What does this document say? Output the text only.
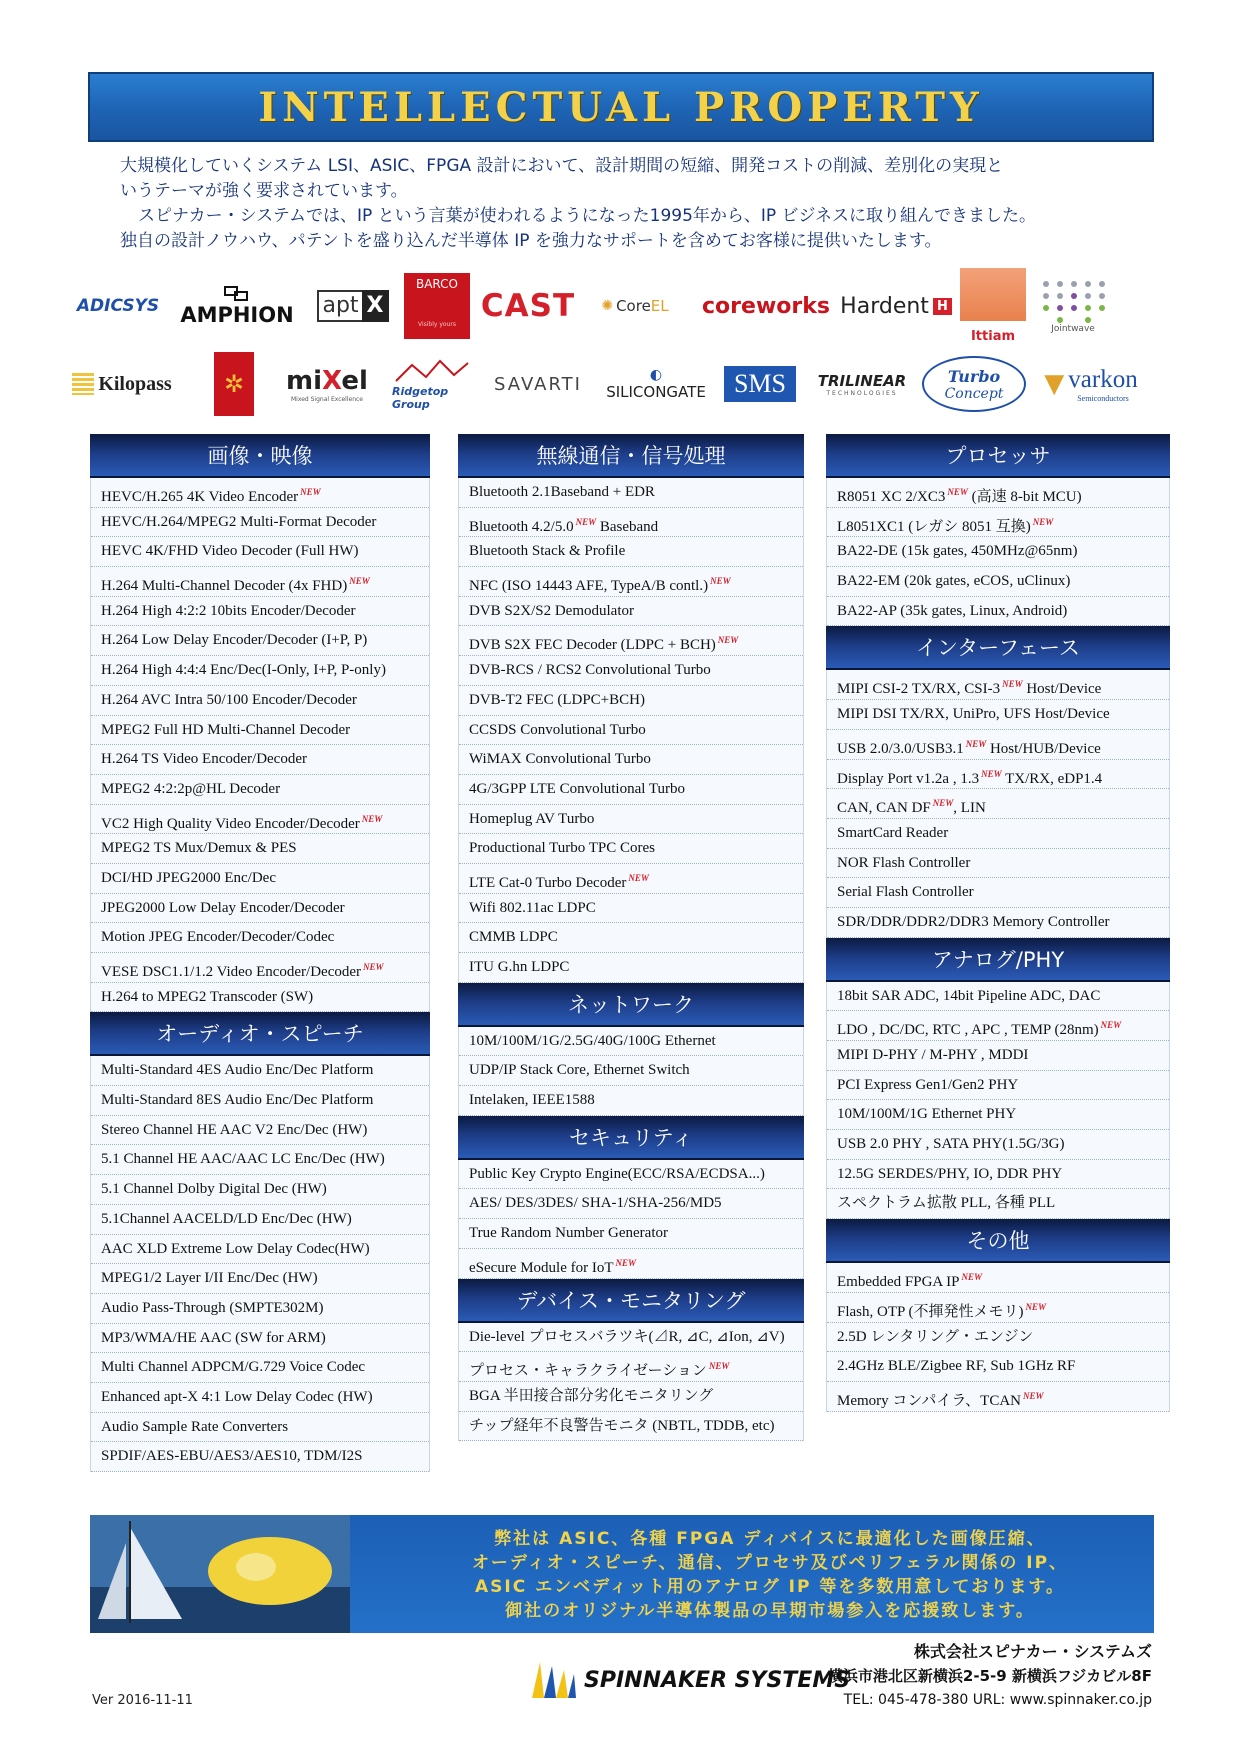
INTELLECTUAL PROPERTY

大規模化していくシステム LSI、ASIC、FPGA 設計において、設計期間の短縮、開発コストの削減、差別化の実現と

いうテーマが強く要求されています。

スピナカー・システムでは、IP という言葉が使われるようになった1995年から、IP ビジネスに取り組んできました。

独自の設計ノウハウ、パテントを盛り込んだ半導体 IP を強力なサポートを含めてお客様に提供いたします。

ADICSYS AMPHION apt X
BARCO
Visibly yours
CAST ✺ Core EL coreworks Hardent H
Ittiam	Jointwave
Kilopass ✲ miXel
Mixed Signal Excellence
Ridgetop
Group
SAVARTI	◐
SILICONGATE SMS TRILINEAR
TECHNOLOGIES
Turbo
Concept ▼ varkon
Semiconductors
画像・映像
HEVC/H.265 4K Video Encoder $^{NEW}$
HEVC/H.264/MPEG2 Multi-Format Decoder
HEVC 4K/FHD Video Decoder (Full HW)
H.264 Multi-Channel Decoder (4x FHD) $^{NEW}$
H.264 High 4:2:2 10bits Encoder/Decoder
H.264 Low Delay Encoder/Decoder (I+P, P)
H.264 High 4:4:4 Enc/Dec(I-Only, I+P, P-only)
H.264 AVC Intra 50/100 Encoder/Decoder
MPEG2 Full HD Multi-Channel Decoder
H.264 TS Video Encoder/Decoder
MPEG2 4:2:2p@HL Decoder
VC2 High Quality Video Encoder/Decoder $^{NEW}$
MPEG2 TS Mux/Demux & PES
DCI/HD JPEG2000 Enc/Dec
JPEG2000 Low Delay Encoder/Decoder
Motion JPEG Encoder/Decoder/Codec
VESE DSC1.1/1.2 Video Encoder/Decoder $^{NEW}$
H.264 to MPEG2 Transcoder (SW)
オーディオ・スピーチ
Multi-Standard 4ES Audio Enc/Dec Platform
Multi-Standard 8ES Audio Enc/Dec Platform
Stereo Channel HE AAC V2 Enc/Dec (HW)
5.1 Channel HE AAC/AAC LC Enc/Dec (HW)
5.1 Channel Dolby Digital Dec (HW)
5.1Channel AACELD/LD Enc/Dec (HW)
AAC XLD Extreme Low Delay Codec(HW)
MPEG1/2 Layer I/II Enc/Dec (HW)
Audio Pass-Through (SMPTE302M)
MP3/WMA/HE AAC (SW for ARM)
Multi Channel ADPCM/G.729 Voice Codec
Enhanced apt-X 4:1 Low Delay Codec (HW)
Audio Sample Rate Converters
SPDIF/AES-EBU/AES3/AES10, TDM/I2S
無線通信・信号処理
Bluetooth 2.1Baseband + EDR
Bluetooth 4.2/5.0 $^{NEW}$ Baseband
Bluetooth Stack & Profile
NFC (ISO 14443 AFE, TypeA/B contl.) $^{NEW}$
DVB S2X/S2 Demodulator
DVB S2X FEC Decoder (LDPC + BCH) $^{NEW}$
DVB-RCS / RCS2 Convolutional Turbo
DVB-T2 FEC (LDPC+BCH)
CCSDS Convolutional Turbo
WiMAX Convolutional Turbo
4G/3GPP LTE Convolutional Turbo
Homeplug AV Turbo
Productional Turbo TPC Cores
LTE Cat-0 Turbo Decoder $^{NEW}$
Wifi 802.11ac LDPC
CMMB LDPC
ITU G.hn LDPC
ネットワーク
10M/100M/1G/2.5G/40G/100G Ethernet
UDP/IP Stack Core, Ethernet Switch
Intelaken, IEEE1588
セキュリティ
Public Key Crypto Engine(ECC/RSA/ECDSA...)
AES/ DES/3DES/ SHA-1/SHA-256/MD5
True Random Number Generator
eSecure Module for IoT $^{NEW}$
デバイス・モニタリング
Die-level プロセスバラツキ(⊿R, ⊿C, ⊿Ion, ⊿V)
プロセス・キャラクライゼーション $^{NEW}$
BGA 半田接合部分劣化モニタリング
チップ経年不良警告モニタ (NBTL, TDDB, etc)
プロセッサ
R8051 XC 2/XC3 $^{NEW}$ (高速 8-bit MCU)
L8051XC1 (レガシ 8051 互換) $^{NEW}$
BA22-DE (15k gates, 450MHz@65nm)
BA22-EM (20k gates, eCOS, uClinux)
BA22-AP (35k gates, Linux, Android)
インターフェース
MIPI CSI-2 TX/RX, CSI-3 $^{NEW}$ Host/Device
MIPI DSI TX/RX, UniPro, UFS Host/Device
USB 2.0/3.0/USB3.1 $^{NEW}$ Host/HUB/Device
Display Port v1.2a , 1.3 $^{NEW}$ TX/RX, eDP1.4
CAN, CAN DF $^{NEW}$, LIN
SmartCard Reader
NOR Flash Controller
Serial Flash Controller
SDR/DDR/DDR2/DDR3 Memory Controller
アナログ/PHY
18bit SAR ADC, 14bit Pipeline ADC, DAC
LDO , DC/DC, RTC , APC , TEMP (28nm) $^{NEW}$
MIPI D-PHY / M-PHY , MDDI
PCI Express Gen1/Gen2 PHY
10M/100M/1G Ethernet PHY
USB 2.0 PHY , SATA PHY(1.5G/3G)
12.5G SERDES/PHY, IO, DDR PHY
スペクトラム拡散 PLL, 各種 PLL
その他
Embedded FPGA IP $^{NEW}$
Flash, OTP (不揮発性メモリ) $^{NEW}$
2.5D レンタリング・エンジン
2.4GHz BLE/Zigbee RF, Sub 1GHz RF
Memory コンパイラ、TCAN $^{NEW}$
弊社は ASIC、各種 FPGA ディバイスに最適化した画像圧縮、
オーディオ・スピーチ、通信、プロセサ及びペリフェラル関係の IP、
ASIC エンベディット用のアナログ IP 等を多数用意しております。
御社のオリジナル半導体製品の早期市場参入を応援致します。
Ver 2016-11-11
SPINNAKER SYSTEMS
株式会社スピナカー・システムズ
横浜市港北区新横浜2-5-9 新横浜フジカビル8F
TEL: 045-478-380 URL: www.spinnaker.co.jp
